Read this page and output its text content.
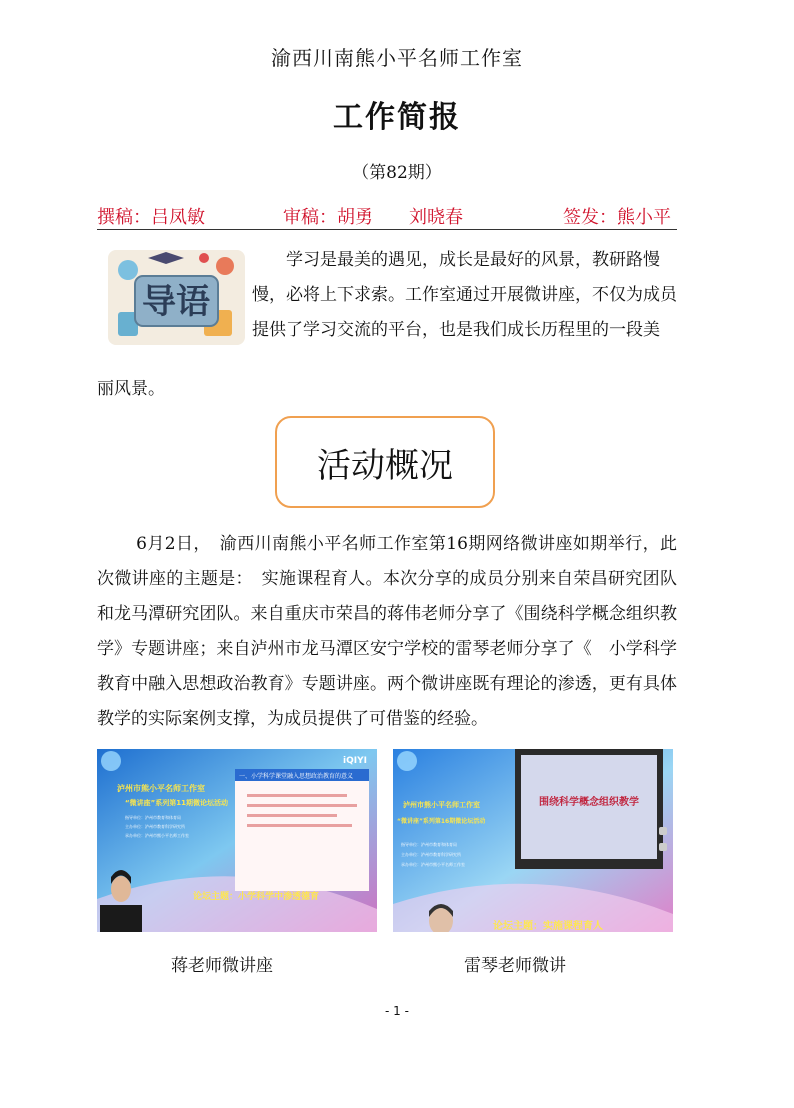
渝西川南熊小平名师工作室
工作简报
（第82期）
撰稿：吕凤敏	审稿：胡勇　　刘晓春	签发：熊小平
导语
学习是最美的遇见，成长是最好的风景，教研路慢慢，必将上下求索。工作室通过开展微讲座，不仅为成员提供了学习交流的平台，也是我们成长历程里的一段美
丽风景。
活动概况
6月2日，　渝西川南熊小平名师工作室第16期网络微讲座如期举行，此次微讲座的主题是：　实施课程育人。本次分享的成员分别来自荣昌研究团队和龙马潭研究团队。来自重庆市荣昌的蒋伟老师分享了《围绕科学概念组织教学》专题讲座；来自泸州市龙马潭区安宁学校的雷琴老师分享了《　小学科学教育中融入思想政治教育》专题讲座。两个微讲座既有理论的渗透，更有具体教学的实际案例支撑，为成员提供了可借鉴的经验。
一、小学科学课堂融入思想政治教育的意义
iQIYI
泸州市熊小平名师工作室
“微讲座”系列第11期微论坛活动
指导单位：泸州市教育和体育局
主办单位：泸州市教育科学研究所
承办单位：泸州市熊小平名师工作室
论坛主题：小学科学中渗透德育
围绕科学概念组织教学
泸州市熊小平名师工作室
“微讲座”系列第16期微论坛活动
指导单位：泸州市教育和体育局
主办单位：泸州市教育科学研究所
承办单位：泸州市熊小平名师工作室
论坛主题：实施课程育人
蒋老师微讲座	雷琴老师微讲
- 1 -
